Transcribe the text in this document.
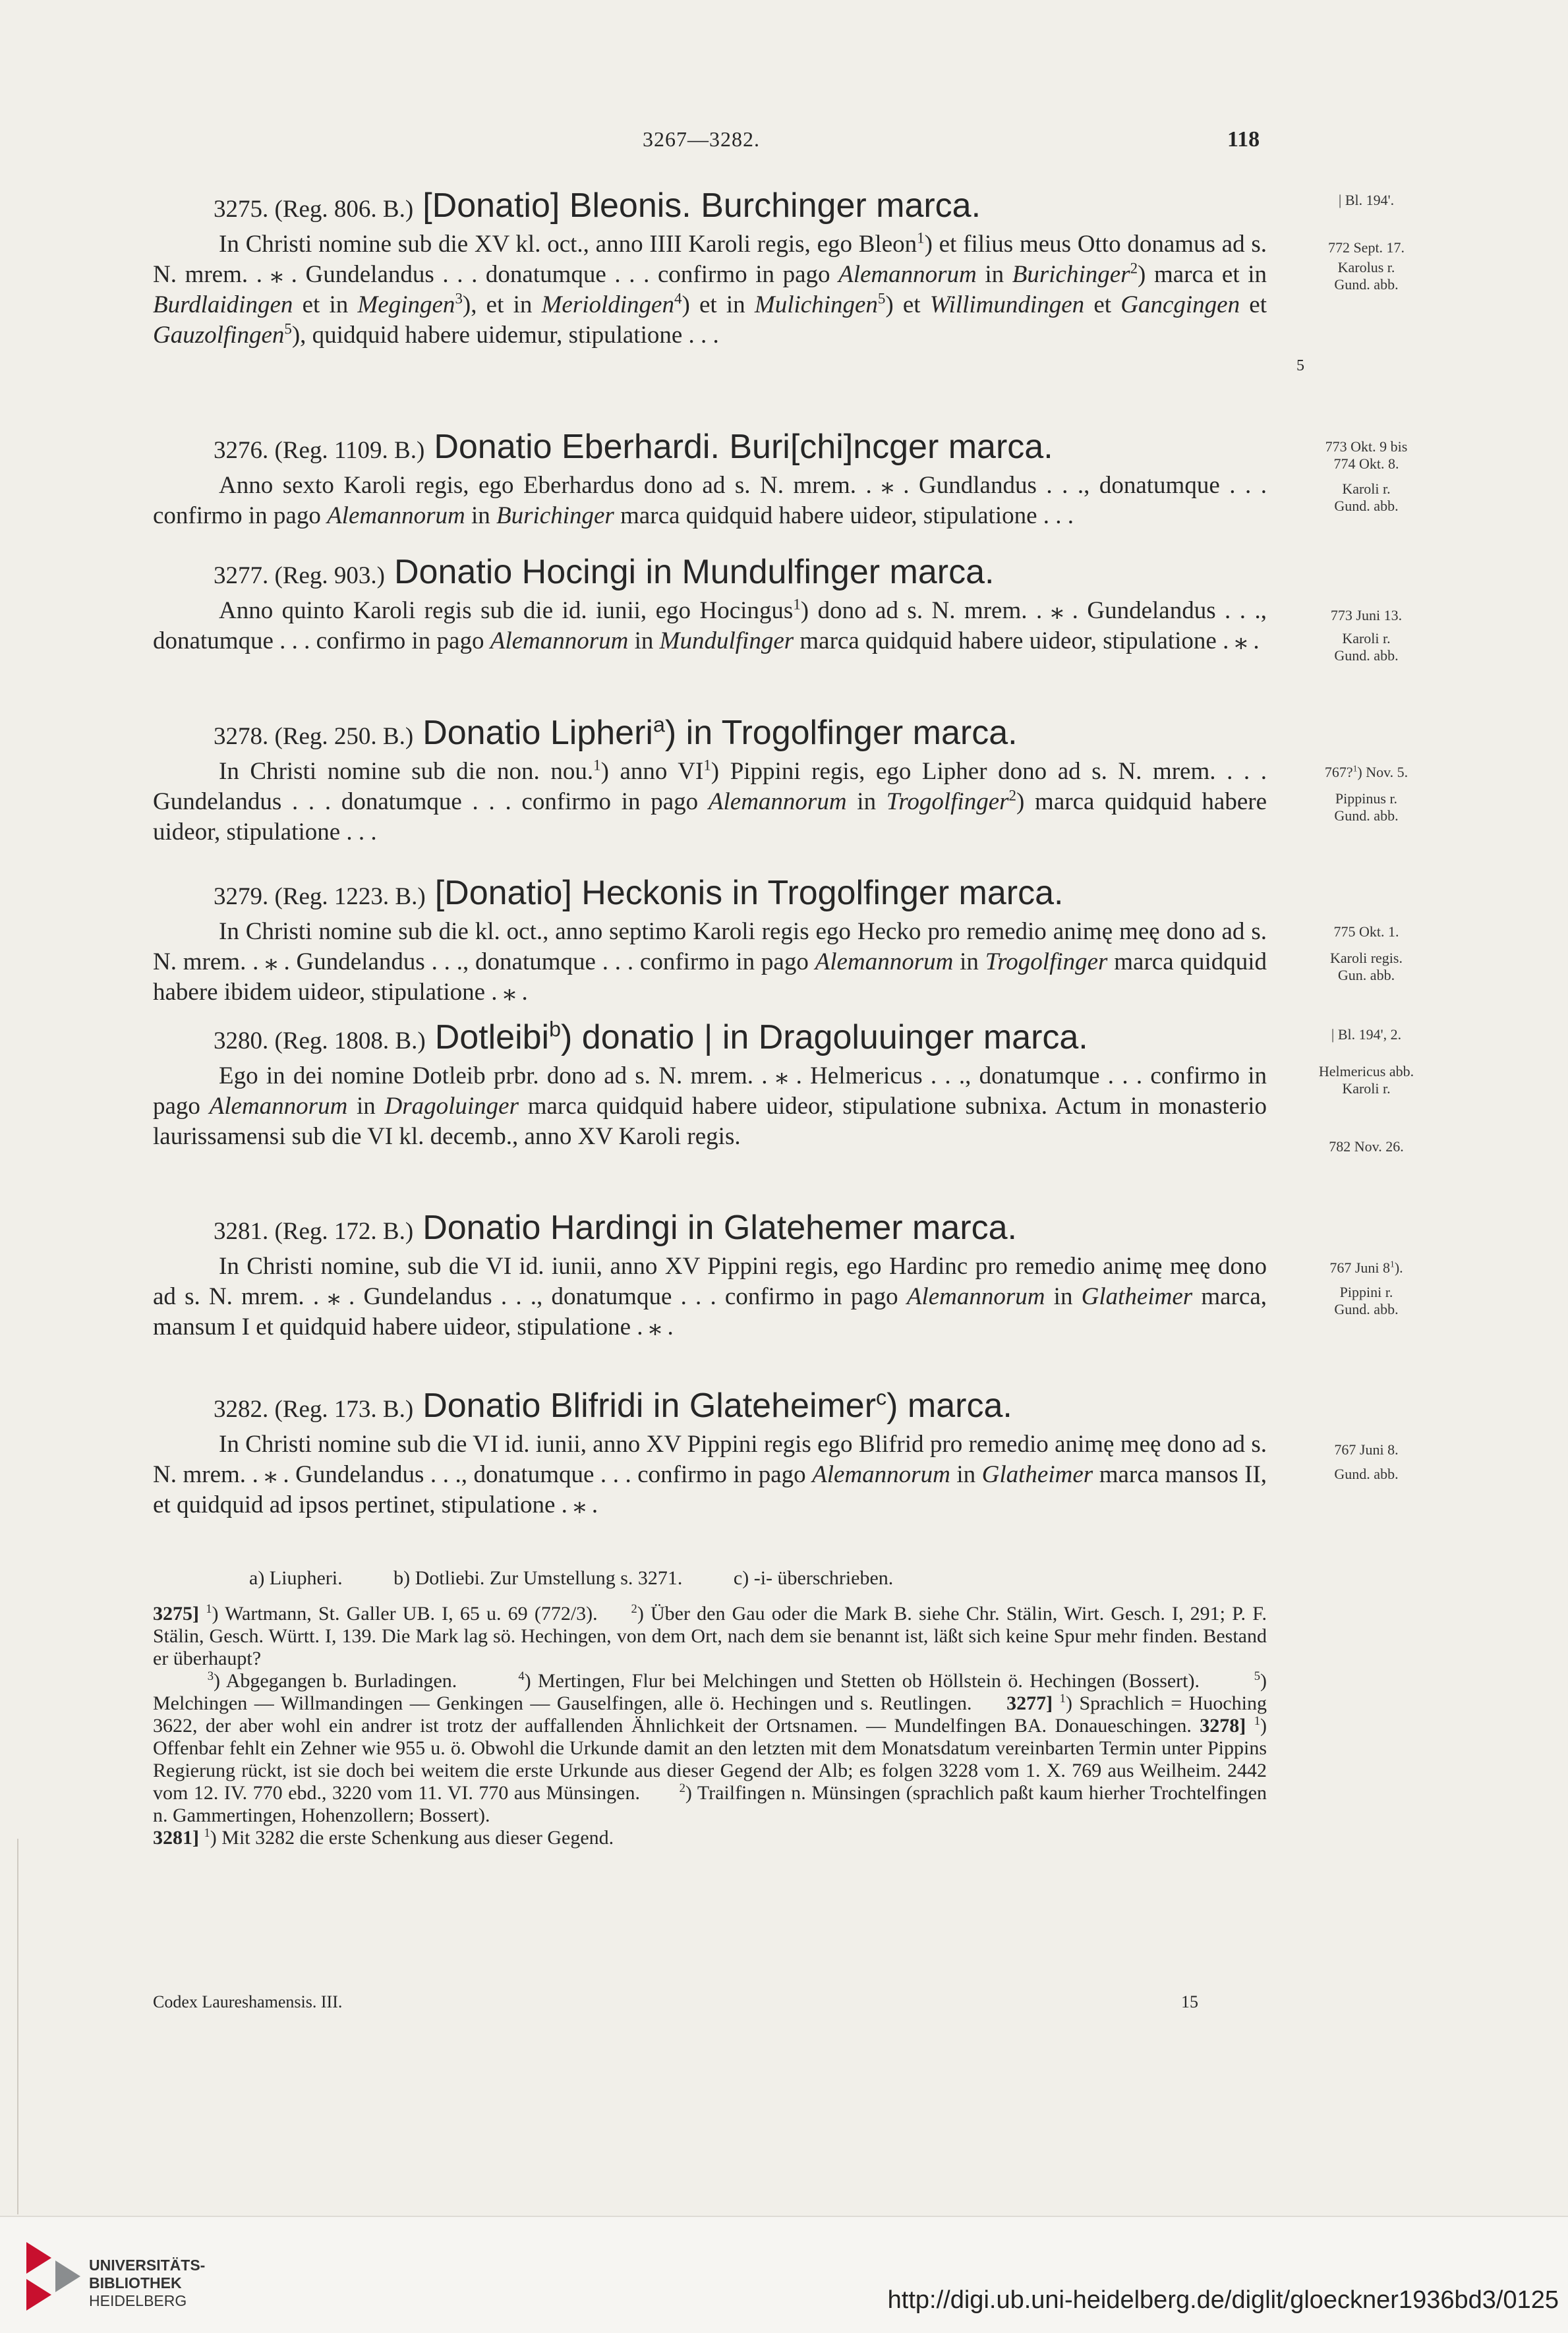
3267—3282.	118
3275. (Reg. 806. B.) [Donatio] Bleonis. Burchinger marca.

In Christi nomine sub die XV kl. oct., anno IIII Karoli regis, ego Bleon$^1$) et filius meus Otto donamus ad s. N. mrem. . ⁎ . Gundelandus . . . donatumque . . . confirmo in pago Alemannorum in Burichinger$^2$) marca et in Burdlaidingen et in Megingen$^3$), et in Merioldingen$^4$) et in Mulichingen$^5$) et Willimundingen et Gancgingen et Gauzolfingen$^5$), quidquid habere uidemur, stipulatione . . .

3276. (Reg. 1109. B.) Donatio Eberhardi. Buri[chi]ncger marca.

Anno sexto Karoli regis, ego Eberhardus dono ad s. N. mrem. . ⁎ . Gundlandus . . ., donatumque . . . confirmo in pago Alemannorum in Burichinger marca quidquid habere uideor, stipulatione . . .

3277. (Reg. 903.) Donatio Hocingi in Mundulfinger marca.

Anno quinto Karoli regis sub die id. iunii, ego Hocingus$^1$) dono ad s. N. mrem. . ⁎ . Gundelandus . . ., donatumque . . . confirmo in pago Alemannorum in Mundulfinger marca quidquid habere uideor, stipulatione . ⁎ .

3278. (Reg. 250. B.) Donatio Lipheri$^a$) in Trogolfinger marca.

In Christi nomine sub die non. nou.$^1$) anno $VI^1$) Pippini regis, ego Lipher dono ad s. N. mrem. . . . Gundelandus . . . donatumque . . . confirmo in pago Alemannorum in Trogolfinger$^2$) marca quidquid habere uideor, stipulatione . . .

3279. (Reg. 1223. B.) [Donatio] Heckonis in Trogolfinger marca.

In Christi nomine sub die kl. oct., anno septimo Karoli regis ego Hecko pro remedio animę meę dono ad s. N. mrem. . ⁎ . Gundelandus . . ., donatumque . . . confirmo in pago Alemannorum in Trogolfinger marca quidquid habere ibidem uideor, stipulatione . ⁎ .

3280. (Reg. 1808. B.) Dotleibi$^b$) donatio | in Dragoluuinger marca.

Ego in dei nomine Dotleib prbr. dono ad s. N. mrem. . ⁎ . Helmericus . . ., donatumque . . . confirmo in pago Alemannorum in Dragoluinger marca quidquid habere uideor, stipulatione subnixa. Actum in monasterio laurissamensi sub die VI kl. decemb., anno XV Karoli regis.

3281. (Reg. 172. B.) Donatio Hardingi in Glatehemer marca.

In Christi nomine, sub die VI id. iunii, anno XV Pippini regis, ego Hardinc pro remedio animę meę dono ad s. N. mrem. . ⁎ . Gundelandus . . ., donatumque . . . confirmo in pago Alemannorum in Glatheimer marca, mansum I et quidquid habere uideor, stipulatione . ⁎ .

3282. (Reg. 173. B.) Donatio Blifridi in Glateheimer$^c$) marca.

In Christi nomine sub die VI id. iunii, anno XV Pippini regis ego Blifrid pro remedio animę meę dono ad s. N. mrem. . ⁎ . Gundelandus . . ., donatumque . . . confirmo in pago Alemannorum in Glatheimer marca mansos II, et quidquid ad ipsos pertinet, stipulatione . ⁎ .

5
a) Liupheri.	b) Dotliebi. Zur Umstellung s. 3271.	c) -i- überschrieben.
3275] $^1$) Wartmann, St. Galler UB. I, 65 u. 69 (772/3).     $^2$) Über den Gau oder die Mark B. siehe Chr. Stälin, Wirt. Gesch. I, 291; P. F. Stälin, Gesch. Württ. I, 139. Die Mark lag sö. Hechingen, von dem Ort, nach dem sie benannt ist, läßt sich keine Spur mehr finden. Bestand er überhaupt?
$^3$) Abgegangen b. Burladingen.         $^4$) Mertingen, Flur bei Melchingen und Stetten ob Höllstein ö. Hechingen (Bossert).        $^5$) Melchingen — Willmandingen — Genkingen — Gauselfingen, alle ö. Hechingen und s. Reutlingen.     3277] $^1$) Sprachlich = Huoching 3622, der aber wohl ein andrer ist trotz der auffallenden Ähnlichkeit der Ortsnamen. — Mundelfingen BA. Donaueschingen. 3278] $^1$) Offenbar fehlt ein Zehner wie 955 u. ö. Obwohl die Urkunde damit an den letzten mit dem Monatsdatum vereinbarten Termin unter Pippins Regierung rückt, ist sie doch bei weitem die erste Urkunde aus dieser Gegend der Alb; es folgen 3228 vom 1. X. 769 aus Weilheim. 2442 vom 12. IV. 770 ebd., 3220 vom 11. VI. 770 aus Münsingen.       $^2$) Trailfingen n. Münsingen (sprachlich paßt kaum hierher Trochtelfingen n. Gammertingen, Hohenzollern; Bossert).
3281] $^1$) Mit 3282 die erste Schenkung aus dieser Gegend.
Codex Laureshamensis. III.	15
UNIVERSITÄTS-
BIBLIOTHEK
HEIDELBERG	http://digi.ub.uni-heidelberg.de/diglit/gloeckner1936bd3/0125
| Bl. 194'.
772 Sept. 17.
Karolus r.
Gund. abb.
773 Okt. 9 bis
774 Okt. 8.
Karoli r.
Gund. abb.
773 Juni 13.
Karoli r.
Gund. abb.
767?$^1$) Nov. 5.
Pippinus r.
Gund. abb.
775 Okt. 1.
Karoli regis.
Gun. abb.
| Bl. 194', 2.
Helmericus abb.
Karoli r.
782 Nov. 26.
767 Juni $8^1$).
Pippini r.
Gund. abb.
767 Juni 8.
Gund. abb.
